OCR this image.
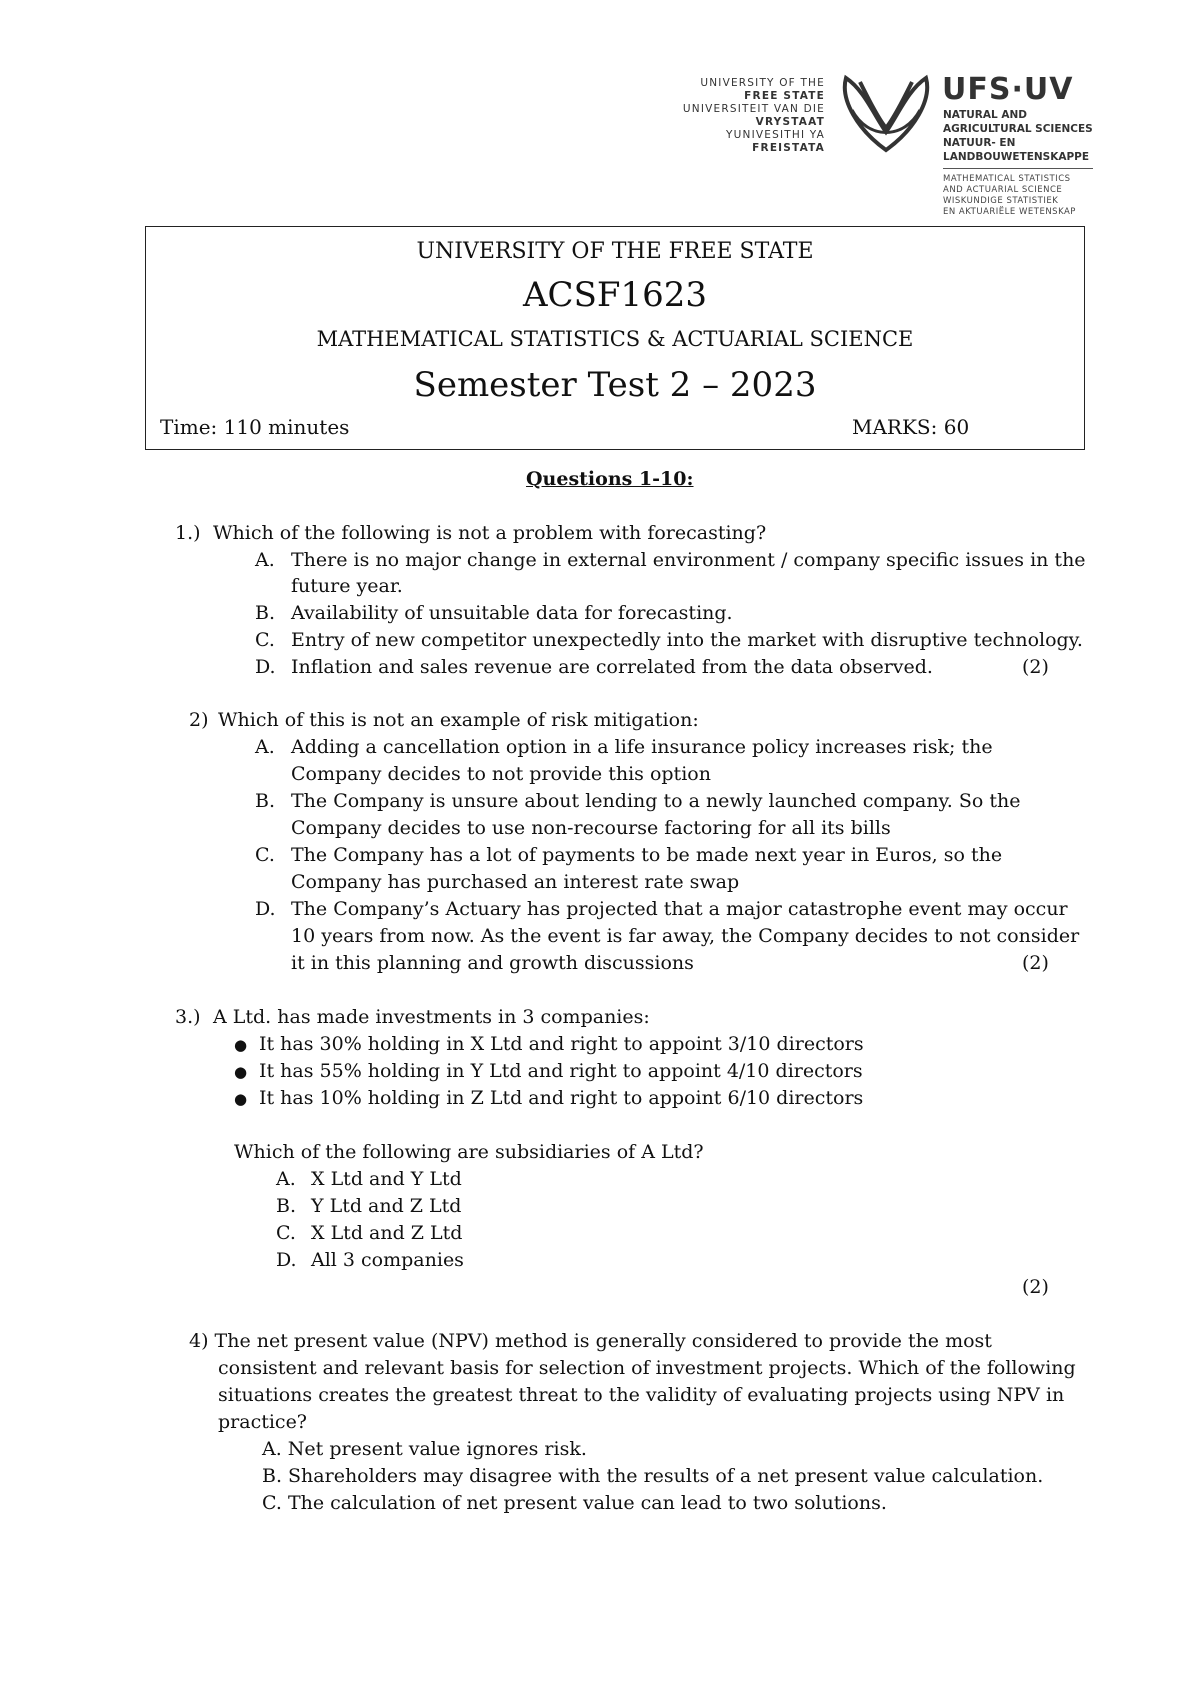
UNIVERSITY OF THE
FREE STATE
UNIVERSITEIT VAN DIE
VRYSTAAT
YUNIVESITHI YA
FREISTATA
UFS·UV
NATURAL AND
AGRICULTURAL SCIENCES
NATUUR- EN
LANDBOUWETENSKAPPE
MATHEMATICAL STATISTICS
AND ACTUARIAL SCIENCE
WISKUNDIGE STATISTIEK
EN AKTUARIËLE WETENSKAP
UNIVERSITY OF THE FREE STATE
ACSF1623
MATHEMATICAL STATISTICS & ACTUARIAL SCIENCE
Semester Test 2 – 2023
Time: 110 minutes	MARKS: 60
Questions 1-10:
1.) Which of the following is not a problem with forecasting?
A. There is no major change in external environment / company specific issues in the
future year.
B. Availability of unsuitable data for forecasting.
C. Entry of new competitor unexpectedly into the market with disruptive technology.
D. Inflation and sales revenue are correlated from the data observed.	(2)
2) Which of this is not an example of risk mitigation:
A. Adding a cancellation option in a life insurance policy increases risk; the
Company decides to not provide this option
B. The Company is unsure about lending to a newly launched company. So the
Company decides to use non-recourse factoring for all its bills
C. The Company has a lot of payments to be made next year in Euros, so the
Company has purchased an interest rate swap
D. The Company’s Actuary has projected that a major catastrophe event may occur
10 years from now. As the event is far away, the Company decides to not consider
it in this planning and growth discussions	(2)
3.) A Ltd. has made investments in 3 companies:
● It has 30% holding in X Ltd and right to appoint 3/10 directors
● It has 55% holding in Y Ltd and right to appoint 4/10 directors
● It has 10% holding in Z Ltd and right to appoint 6/10 directors
Which of the following are subsidiaries of A Ltd?
A. X Ltd and Y Ltd
B. Y Ltd and Z Ltd
C. X Ltd and Z Ltd
D. All 3 companies
(2)
4) The net present value (NPV) method is generally considered to provide the most
consistent and relevant basis for selection of investment projects. Which of the following
situations creates the greatest threat to the validity of evaluating projects using NPV in
practice?
A. Net present value ignores risk.
B. Shareholders may disagree with the results of a net present value calculation.
C. The calculation of net present value can lead to two solutions.
